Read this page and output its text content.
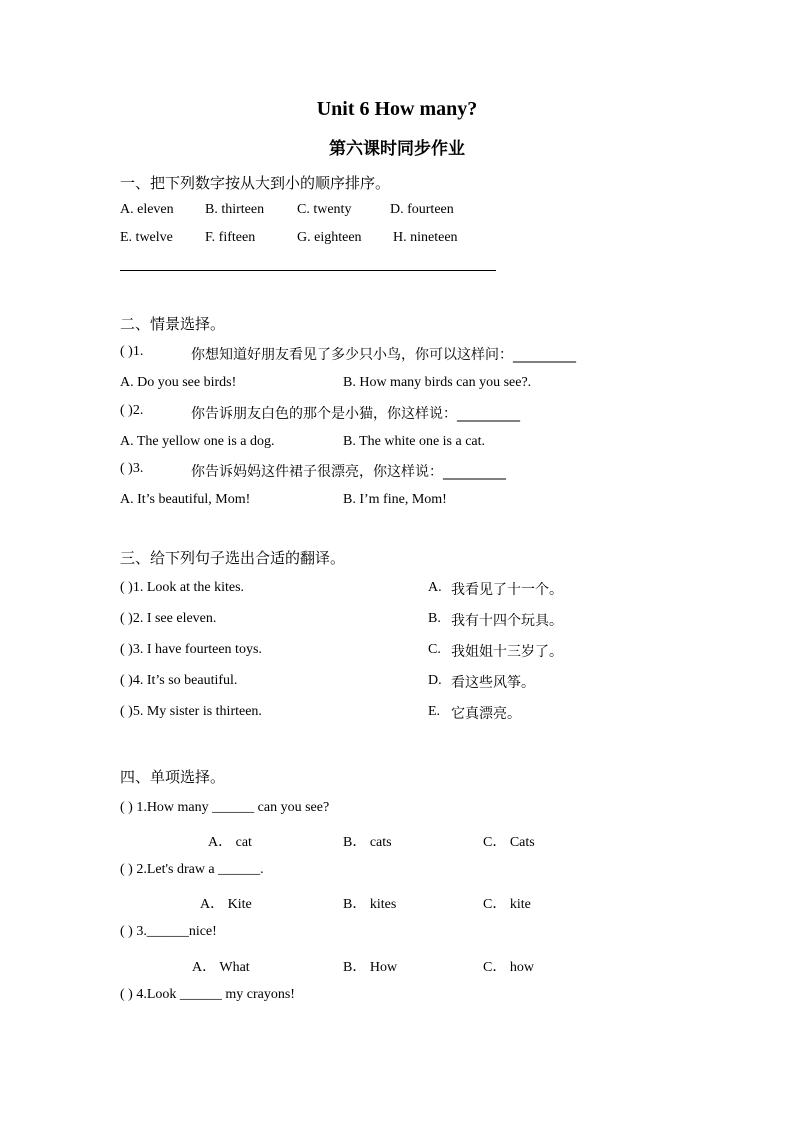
Unit 6 How many?
第六课时同步作业
一、把下列数字按从大到小的顺序排序。
A. eleven B. thirteen C. twenty	D. fourteen
E. twelve F. fifteen	G. eighteen H. nineteen
二、情景选择。
( )1.	你想知道好朋友看见了多少只小鸟，你可以这样问：_________
A. Do you see birds!	B. How many birds can you see?.
( )2.	你告诉朋友白色的那个是小猫，你这样说：_________
A. The yellow one is a dog.	B. The white one is a cat.
( )3.	你告诉妈妈这件裙子很漂亮，你这样说：_________
A. It’s beautiful, Mom!	B. I’m fine, Mom!
三、给下列句子选出合适的翻译。
( )1. Look at the kites.	A. 我看见了十一个。
( )2. I see eleven.	B. 我有十四个玩具。
( )3. I have fourteen toys.	C. 我姐姐十三岁了。
( )4. It’s so beautiful.	D. 看这些风筝。
( )5. My sister is thirteen.	E. 它真漂亮。
四、单项选择。
( ) 1.How many ______ can you see?
A． cat	B． cats	C． Cats
( ) 2.Let's draw a ______.
A． Kite	B． kites	C． kite
( ) 3.______nice!
A． What	B． How	C． how
( ) 4.Look ______ my crayons!
